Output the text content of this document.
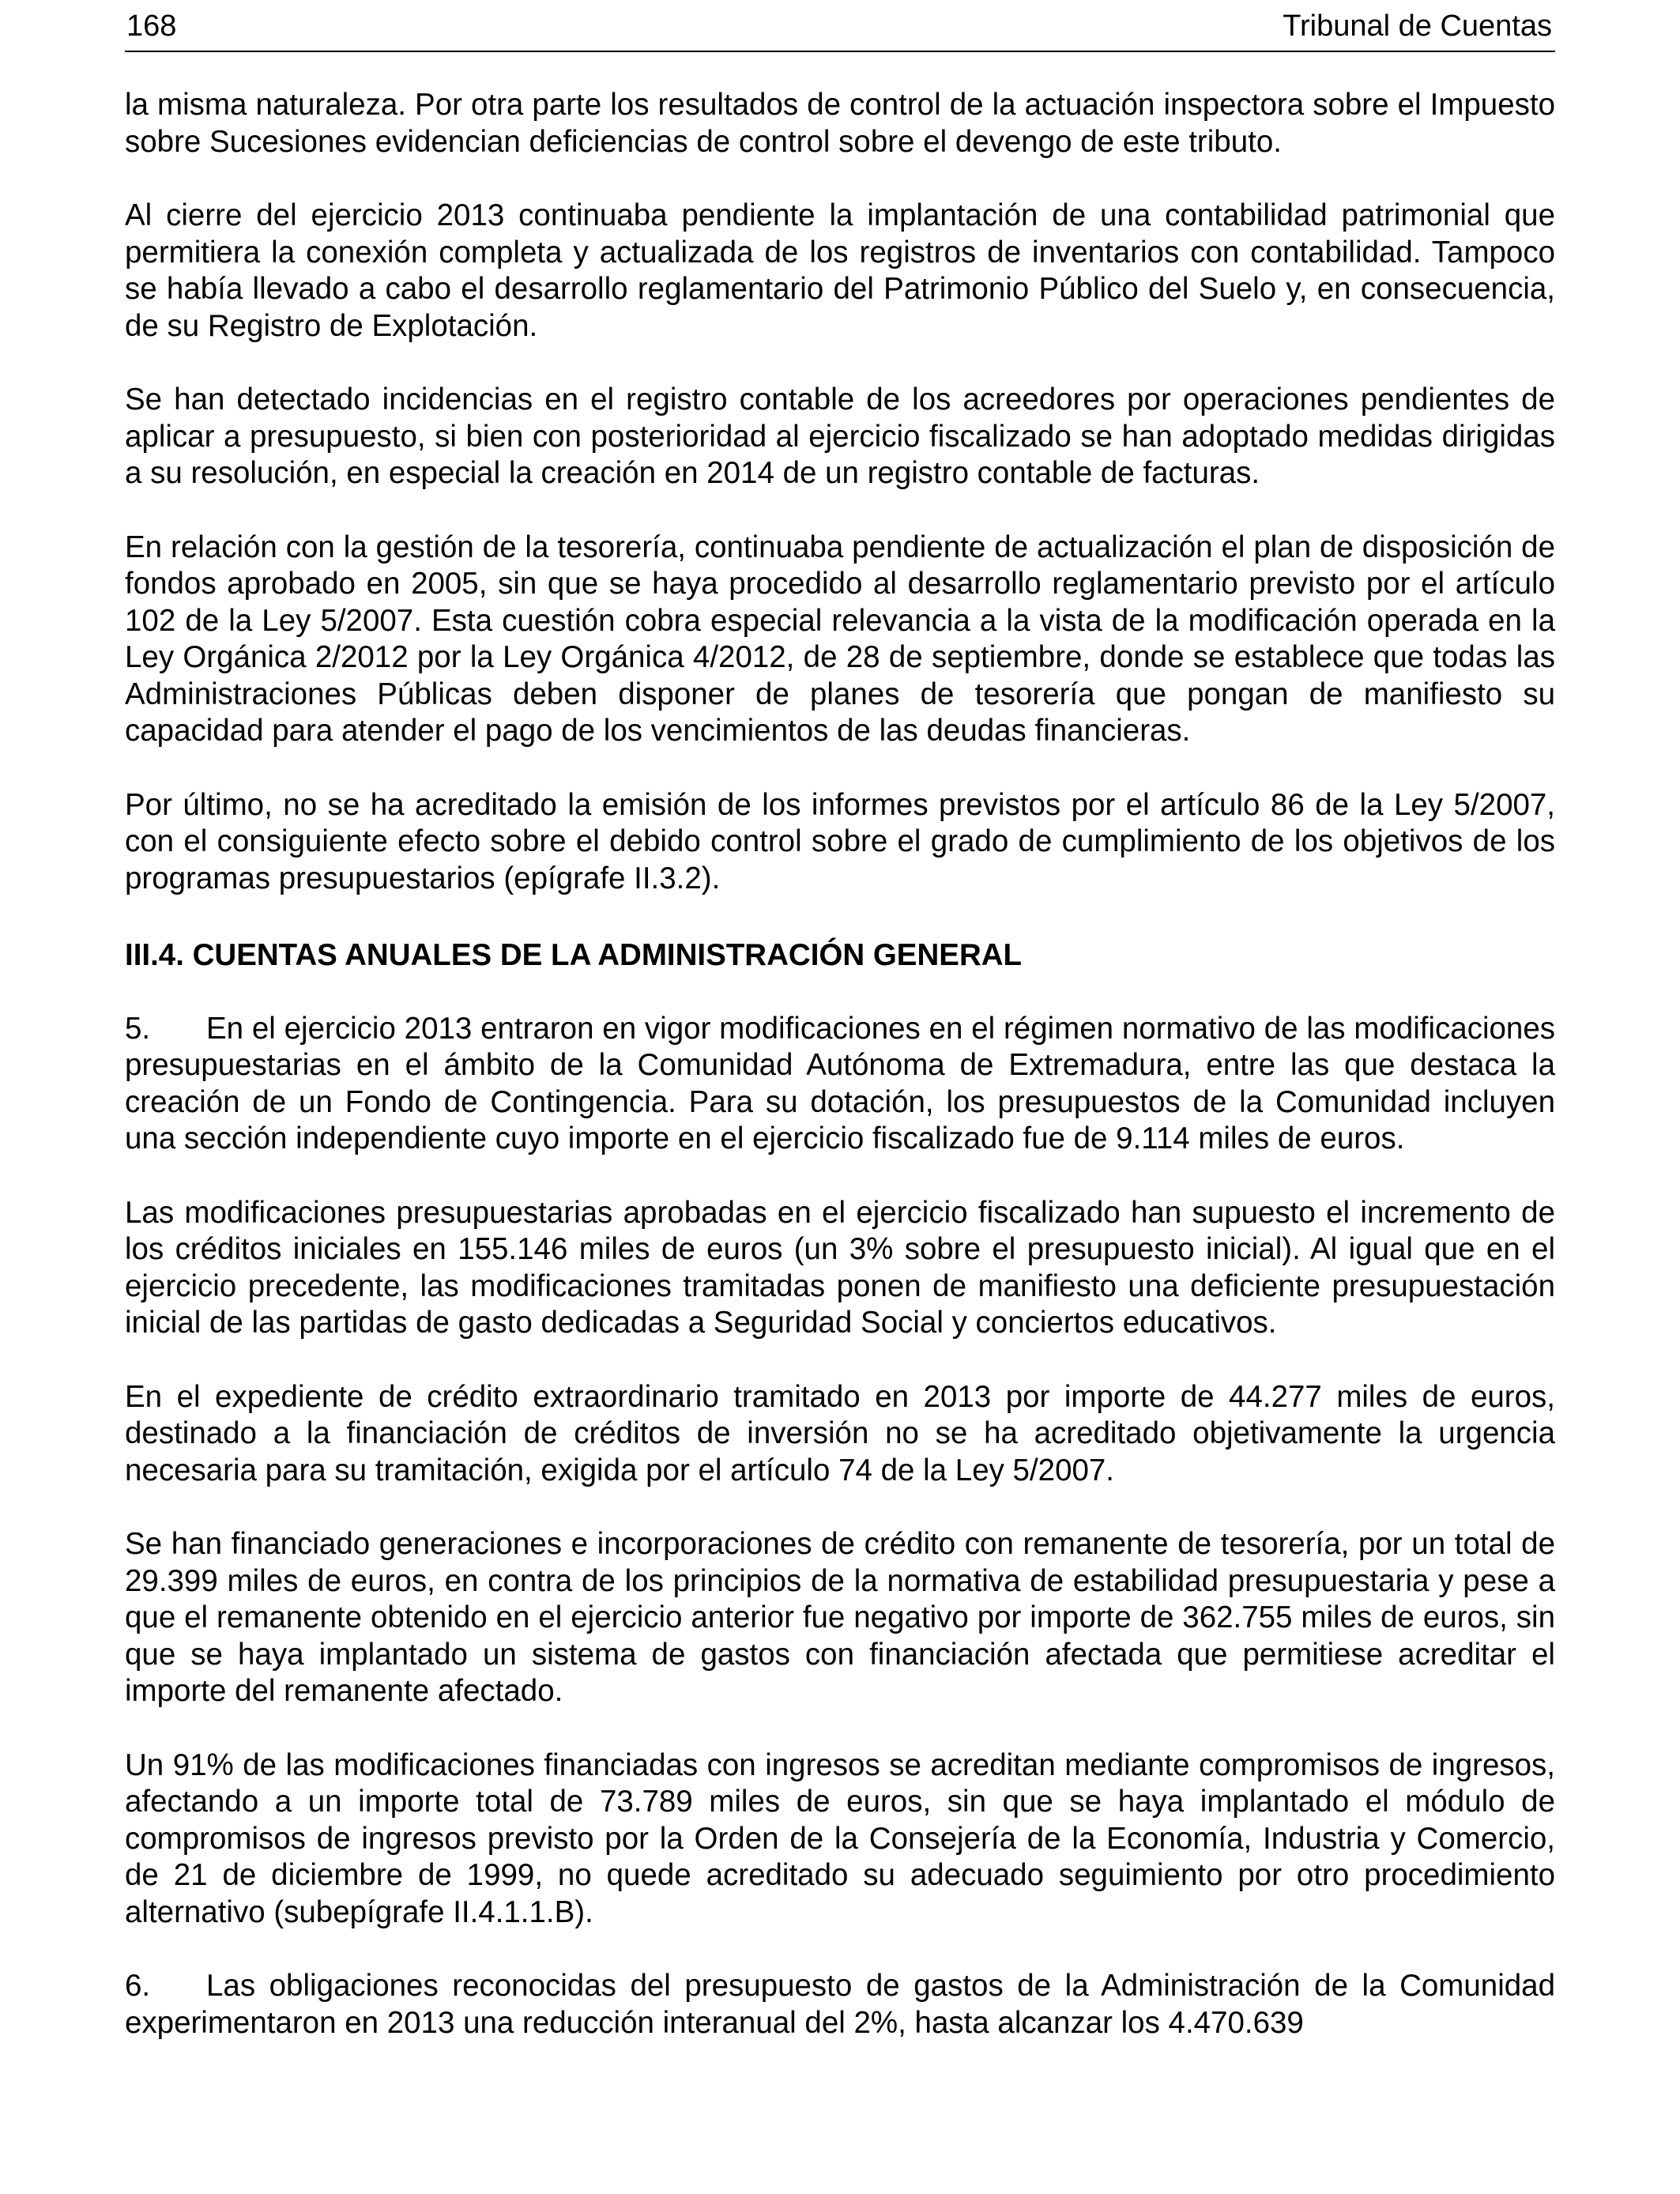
168	Tribunal de Cuentas

la misma naturaleza. Por otra parte los resultados de control de la actuación inspectora sobre el Impuesto sobre Sucesiones evidencian deficiencias de control sobre el devengo de este tributo.

Al cierre del ejercicio 2013 continuaba pendiente la implantación de una contabilidad patrimonial que permitiera la conexión completa y actualizada de los registros de inventarios con contabilidad. Tampoco se había llevado a cabo el desarrollo reglamentario del Patrimonio Público del Suelo y, en consecuencia, de su Registro de Explotación.

Se han detectado incidencias en el registro contable de los acreedores por operaciones pendientes de aplicar a presupuesto, si bien con posterioridad al ejercicio fiscalizado se han adoptado medidas dirigidas a su resolución, en especial la creación en 2014 de un registro contable de facturas.

En relación con la gestión de la tesorería, continuaba pendiente de actualización el plan de disposición de fondos aprobado en 2005, sin que se haya procedido al desarrollo reglamentario previsto por el artículo 102 de la Ley 5/2007. Esta cuestión cobra especial relevancia a la vista de la modificación operada en la Ley Orgánica 2/2012 por la Ley Orgánica 4/2012, de 28 de septiembre, donde se establece que todas las Administraciones Públicas deben disponer de planes de tesorería que pongan de manifiesto su capacidad para atender el pago de los vencimientos de las deudas financieras.

Por último, no se ha acreditado la emisión de los informes previstos por el artículo 86 de la Ley 5/2007, con el consiguiente efecto sobre el debido control sobre el grado de cumplimiento de los objetivos de los programas presupuestarios (epígrafe II.3.2).

III.4. CUENTAS ANUALES DE LA ADMINISTRACIÓN GENERAL

5. En el ejercicio 2013 entraron en vigor modificaciones en el régimen normativo de las modificaciones presupuestarias en el ámbito de la Comunidad Autónoma de Extremadura, entre las que destaca la creación de un Fondo de Contingencia. Para su dotación, los presupuestos de la Comunidad incluyen una sección independiente cuyo importe en el ejercicio fiscalizado fue de 9.114 miles de euros.

Las modificaciones presupuestarias aprobadas en el ejercicio fiscalizado han supuesto el incremento de los créditos iniciales en 155.146 miles de euros (un 3% sobre el presupuesto inicial). Al igual que en el ejercicio precedente, las modificaciones tramitadas ponen de manifiesto una deficiente presupuestación inicial de las partidas de gasto dedicadas a Seguridad Social y conciertos educativos.

En el expediente de crédito extraordinario tramitado en 2013 por importe de 44.277 miles de euros, destinado a la financiación de créditos de inversión no se ha acreditado objetivamente la urgencia necesaria para su tramitación, exigida por el artículo 74 de la Ley 5/2007.

Se han financiado generaciones e incorporaciones de crédito con remanente de tesorería, por un total de 29.399 miles de euros, en contra de los principios de la normativa de estabilidad presupuestaria y pese a que el remanente obtenido en el ejercicio anterior fue negativo por importe de 362.755 miles de euros, sin que se haya implantado un sistema de gastos con financiación afectada que permitiese acreditar el importe del remanente afectado.

Un 91% de las modificaciones financiadas con ingresos se acreditan mediante compromisos de ingresos, afectando a un importe total de 73.789 miles de euros, sin que se haya implantado el módulo de compromisos de ingresos previsto por la Orden de la Consejería de la Economía, Industria y Comercio, de 21 de diciembre de 1999, no quede acreditado su adecuado seguimiento por otro procedimiento alternativo (subepígrafe II.4.1.1.B).

6. Las obligaciones reconocidas del presupuesto de gastos de la Administración de la Comunidad experimentaron en 2013 una reducción interanual del 2%, hasta alcanzar los 4.470.639
